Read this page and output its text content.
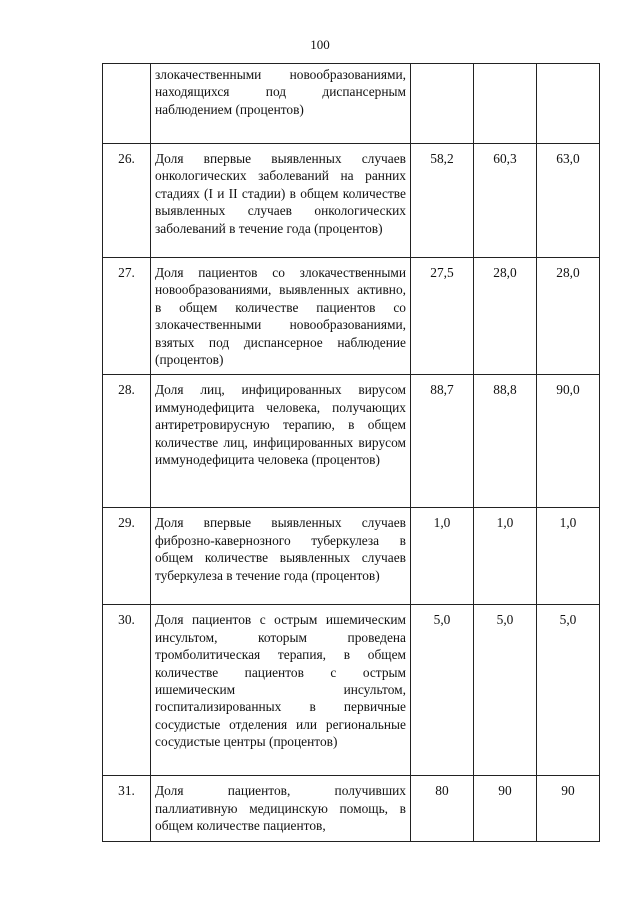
100
	злокачественными новообразованиями, находящихся под диспансерным наблюдением (процентов)			
26.	Доля впервые выявленных случаев онкологических заболеваний на ранних стадиях (I и II стадии) в общем количестве выявленных случаев онкологических заболеваний в течение года (процентов)	58,2	60,3	63,0
27.	Доля пациентов со злокачественными новообразованиями, выявленных активно, в общем количестве пациентов со злокачественными новообразованиями, взятых под диспансерное наблюдение (процентов)	27,5	28,0	28,0
28.	Доля лиц, инфицированных вирусом иммунодефицита человека, получающих антиретровирусную терапию, в общем количестве лиц, инфицированных вирусом иммунодефицита человека (процентов)	88,7	88,8	90,0
29.	Доля впервые выявленных случаев фиброзно-кавернозного туберкулеза в общем количестве выявленных случаев туберкулеза в течение года (процентов)	1,0	1,0	1,0
30.	Доля пациентов с острым ишемическим инсультом, которым проведена тромболитическая терапия, в общем количестве пациентов с острым ишемическим инсультом, госпитализированных в первичные сосудистые отделения или региональные сосудистые центры (процентов)	5,0	5,0	5,0
31.	Доля пациентов, получивших паллиативную медицинскую помощь, в общем количестве пациентов,	80	90	90
